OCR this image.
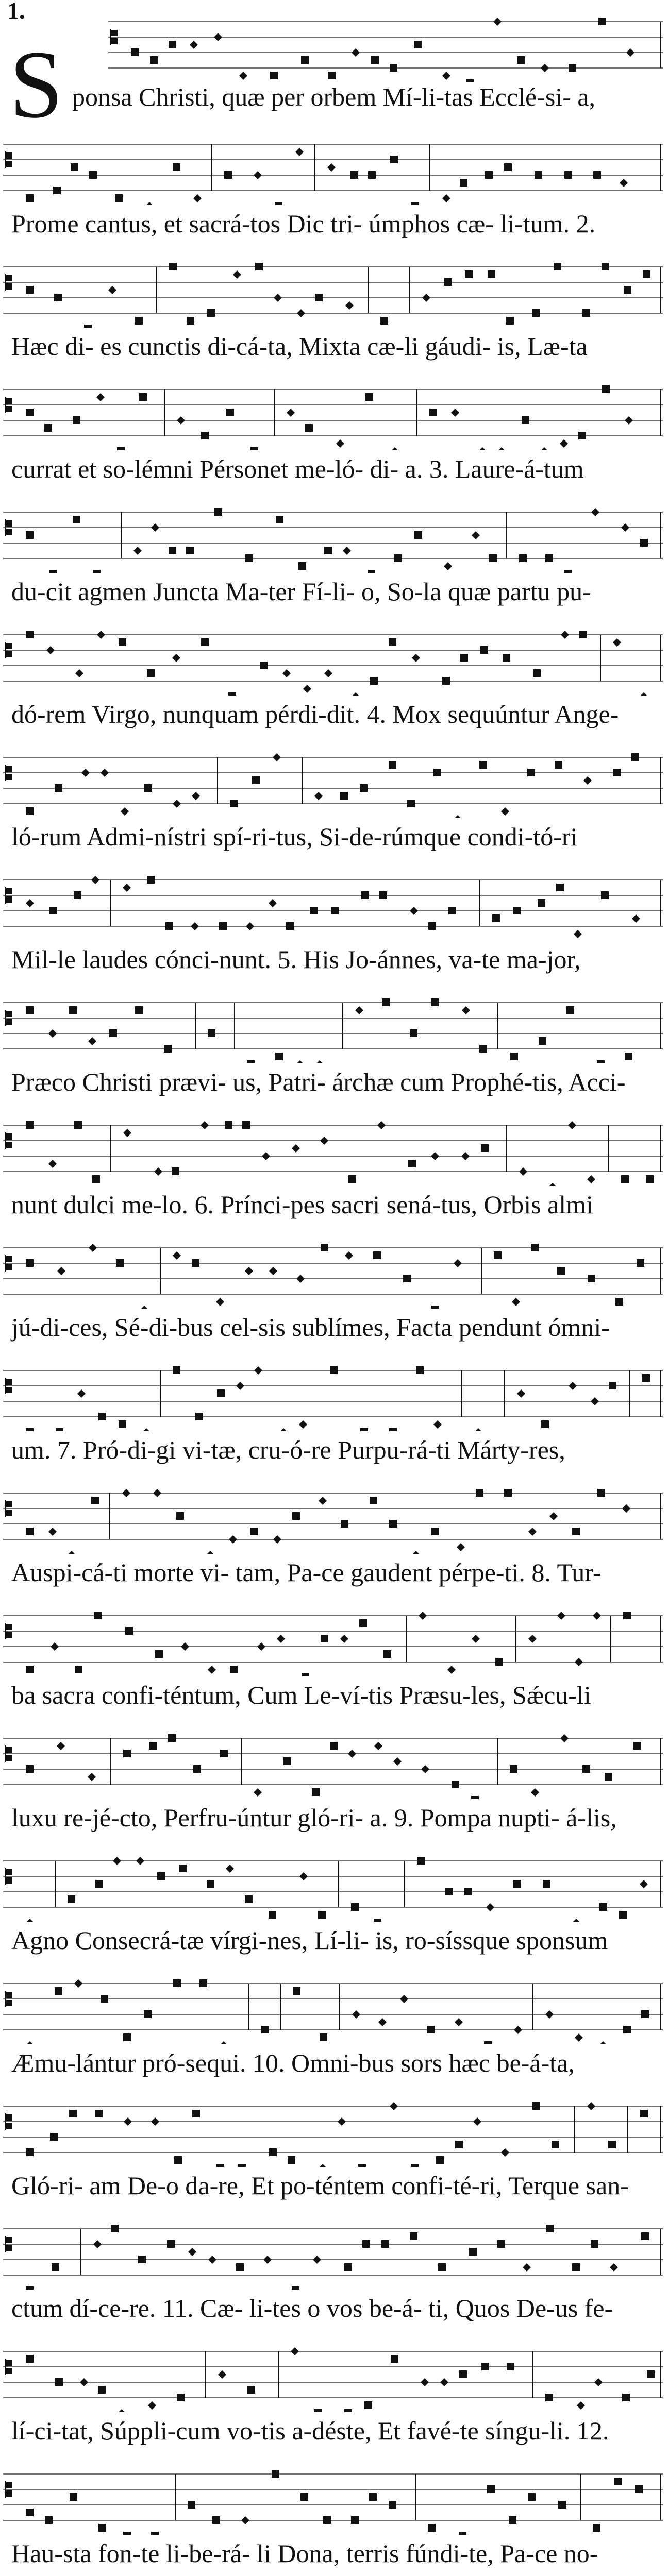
1.
S ponsa Christi, quæ per orbem Mí-li-tas Ecclé-si- a,
Prome cantus, et sacrá-tos Dic tri- úmphos cæ- li-tum. 2.
Hæc di- es cunctis di-cá-ta, Mixta cæ-li gáudi- is, Læ-ta
currat et so-lémni Pérsonet me-ló- di- a. 3. Laure-á-tum
du-cit agmen Juncta Ma-ter Fí-li- o, So-la quæ partu pu-
dó-rem Virgo, nunquam pérdi-dit. 4. Mox sequúntur Ange-
ló-rum Admi-nístri spí-ri-tus, Si-de-rúmque condi-tó-ri
Mil-le laudes cónci-nunt. 5. His Jo-ánnes, va-te ma-jor,
Præco Christi prævi- us, Patri- árchæ cum Prophé-tis, Acci-
nunt dulci me-lo. 6. Prínci-pes sacri sená-tus, Orbis almi
jú-di-ces, Sé-di-bus cel-sis sublímes, Facta pendunt ómni-
um. 7. Pró-di-gi vi-tæ, cru-ó-re Purpu-rá-ti Márty-res,
Auspi-cá-ti morte vi- tam, Pa-ce gaudent pérpe-ti. 8. Tur-
ba sacra confi-téntum, Cum Le-ví-tis Præsu-les, Sǽcu-li
luxu re-jé-cto, Perfru-úntur gló-ri- a. 9. Pompa nupti- á-lis,
Agno Consecrá-tæ vírgi-nes, Lí-li- is, ro-síssque sponsum
Æmu-lántur pró-sequi. 10. Omni-bus sors hæc be-á-ta,
Gló-ri- am De-o da-re, Et po-téntem confi-té-ri, Terque san-
ctum dí-ce-re. 11. Cæ- li-tes o vos be-á- ti, Quos De-us fe-
lí-ci-tat, Súppli-cum vo-tis a-déste, Et favé-te síngu-li. 12.
Hau-sta fon-te li-be-rá- li Dona, terris fúndi-te, Pa-ce no-
